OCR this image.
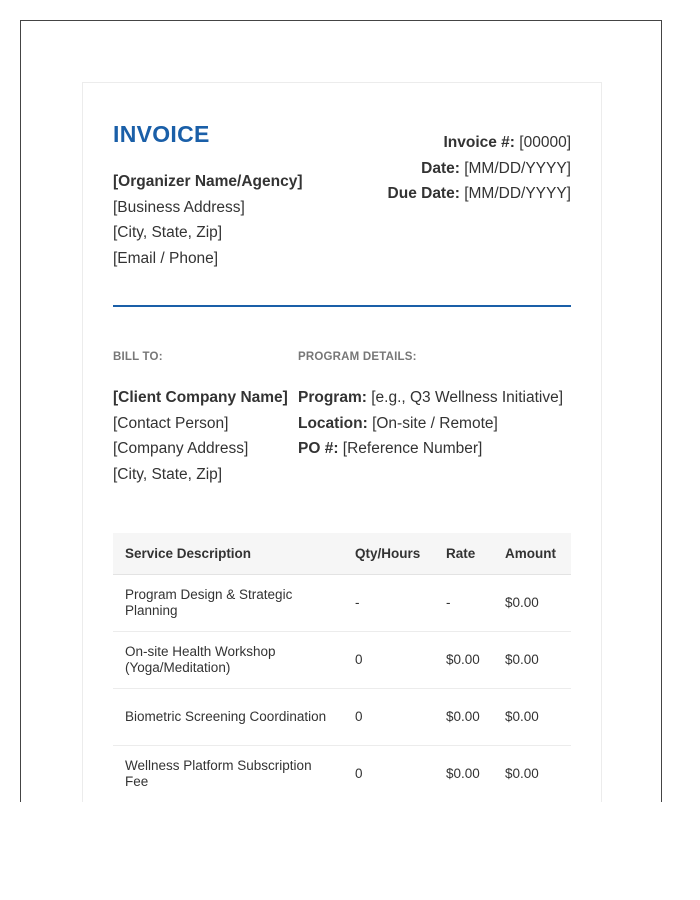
INVOICE
[Organizer Name/Agency]
[Business Address]
[City, State, Zip]
[Email / Phone]
Invoice #: [00000]
Date: [MM/DD/YYYY]
Due Date: [MM/DD/YYYY]
BILL TO:	PROGRAM DETAILS:
[Client Company Name]
[Contact Person]
[Company Address]
[City, State, Zip]
Program: [e.g., Q3 Wellness Initiative]
Location: [On-site / Remote]
PO #: [Reference Number]
Service Description	Qty/Hours	Rate	Amount
Program Design & Strategic Planning	-	-	$0.00
On-site Health Workshop (Yoga/Meditation)	0	$0.00	$0.00
Biometric Screening Coordination	0	$0.00	$0.00
Wellness Platform Subscription Fee	0	$0.00	$0.00
